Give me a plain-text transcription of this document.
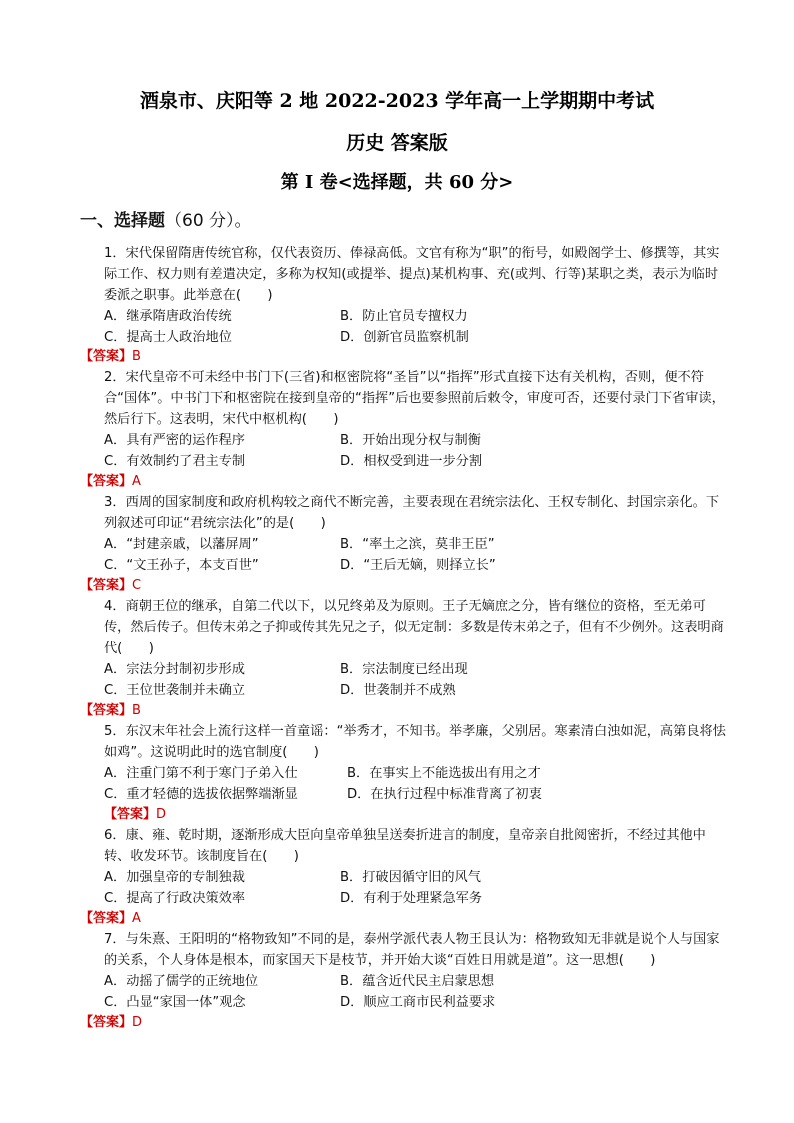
酒泉市、庆阳等 2 地 2022-2023 学年高一上学期期中考试
历史 答案版
第 I 卷<选择题，共 60 分>
一、选择题（60 分）。
1．宋代保留隋唐传统官称，仅代表资历、俸禄高低。文官有称为“职”的衔号，如殿阁学士、修撰等，其实际工作、权力则有差遣决定，多称为权知(或提举、提点)某机构事、充(或判、行等)某职之类，表示为临时委派之职事。此举意在(　　)
A．继承隋唐政治传统	B．防止官员专擅权力
C．提高士人政治地位	D．创新官员监察机制
【答案】B
2．宋代皇帝不可未经中书门下(三省)和枢密院将“圣旨”以“指挥”形式直接下达有关机构，否则，便不符合“国体”。中书门下和枢密院在接到皇帝的“指挥”后也要参照前后敕令，审度可否，还要付录门下省审读，然后行下。这表明，宋代中枢机构(　　)
A．具有严密的运作程序	B．开始出现分权与制衡
C．有效制约了君主专制	D．相权受到进一步分割
【答案】A
3．西周的国家制度和政府机构较之商代不断完善，主要表现在君统宗法化、王权专制化、封国宗亲化。下列叙述可印证“君统宗法化”的是(　　)
A．“封建亲戚，以藩屏周”	B．“率土之滨，莫非王臣”
C．“文王孙子，本支百世”	D．“王后无嫡，则择立长”
【答案】C
4．商朝王位的继承，自第二代以下，以兄终弟及为原则。王子无嫡庶之分，皆有继位的资格，至无弟可传，然后传子。但传末弟之子抑或传其先兄之子，似无定制：多数是传末弟之子，但有不少例外。这表明商代(　　)
A．宗法分封制初步形成	B．宗法制度已经出现
C．王位世袭制并未确立	D．世袭制并不成熟
【答案】B
5．东汉末年社会上流行这样一首童谣：“举秀才，不知书。举孝廉，父别居。寒素清白浊如泥，高第良将怯如鸡”。这说明此时的选官制度(　　)
A．注重门第不利于寒门子弟入仕	B．在事实上不能选拔出有用之才
C．重才轻德的选拔依据弊端渐显	D．在执行过程中标准背离了初衷
【答案】D
6．康、雍、乾时期，逐渐形成大臣向皇帝单独呈送奏折进言的制度，皇帝亲自批阅密折，不经过其他中转、收发环节。该制度旨在(　　)
A．加强皇帝的专制独裁	B．打破因循守旧的风气
C．提高了行政决策效率	D．有利于处理紧急军务
【答案】A
7．与朱熹、王阳明的“格物致知”不同的是，泰州学派代表人物王艮认为：格物致知无非就是说个人与国家的关系，个人身体是根本，而家国天下是枝节，并开始大谈“百姓日用就是道”。这一思想(　　)
A．动摇了儒学的正统地位	B．蕴含近代民主启蒙思想
C．凸显“家国一体”观念	D．顺应工商市民利益要求
【答案】D
